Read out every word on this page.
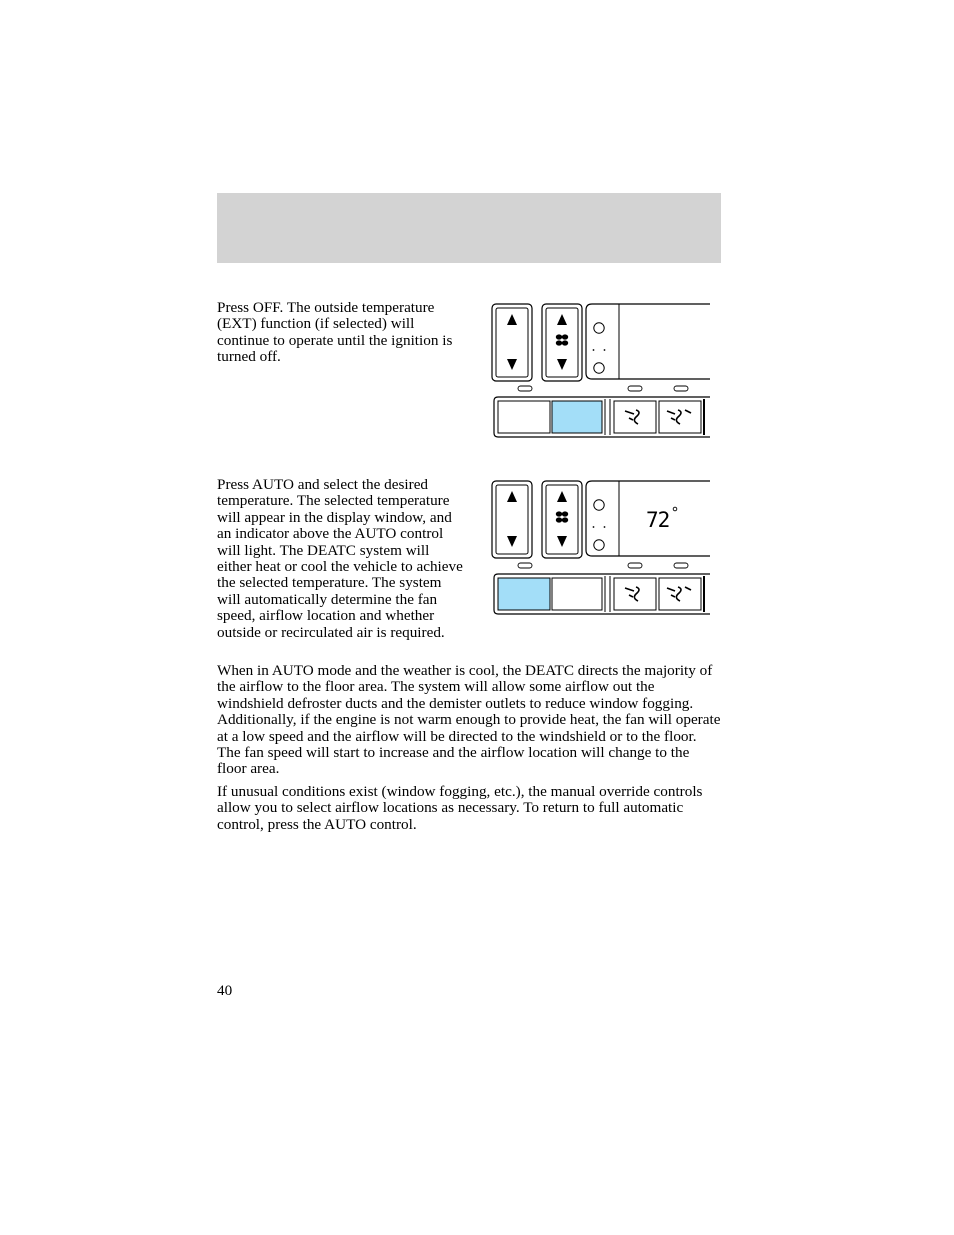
Press OFF. The outside temperature (EXT) function (if selected) will continue to operate until the ignition is turned off.

Press AUTO and select the desired temperature. The selected temperature will appear in the display window, and an indicator above the AUTO control will light. The DEATC system will either heat or cool the vehicle to achieve the selected temperature. The system will automatically determine the fan speed, airflow location and whether outside or recirculated air is required.

72

When in AUTO mode and the weather is cool, the DEATC directs the majority of the airflow to the floor area. The system will allow some airflow out the windshield defroster ducts and the demister outlets to reduce window fogging. Additionally, if the engine is not warm enough to provide heat, the fan will operate at a low speed and the airflow will be directed to the windshield or to the floor. The fan speed will start to increase and the airflow location will change to the floor area.

If unusual conditions exist (window fogging, etc.), the manual override controls allow you to select airflow locations as necessary. To return to full automatic control, press the AUTO control.

40
